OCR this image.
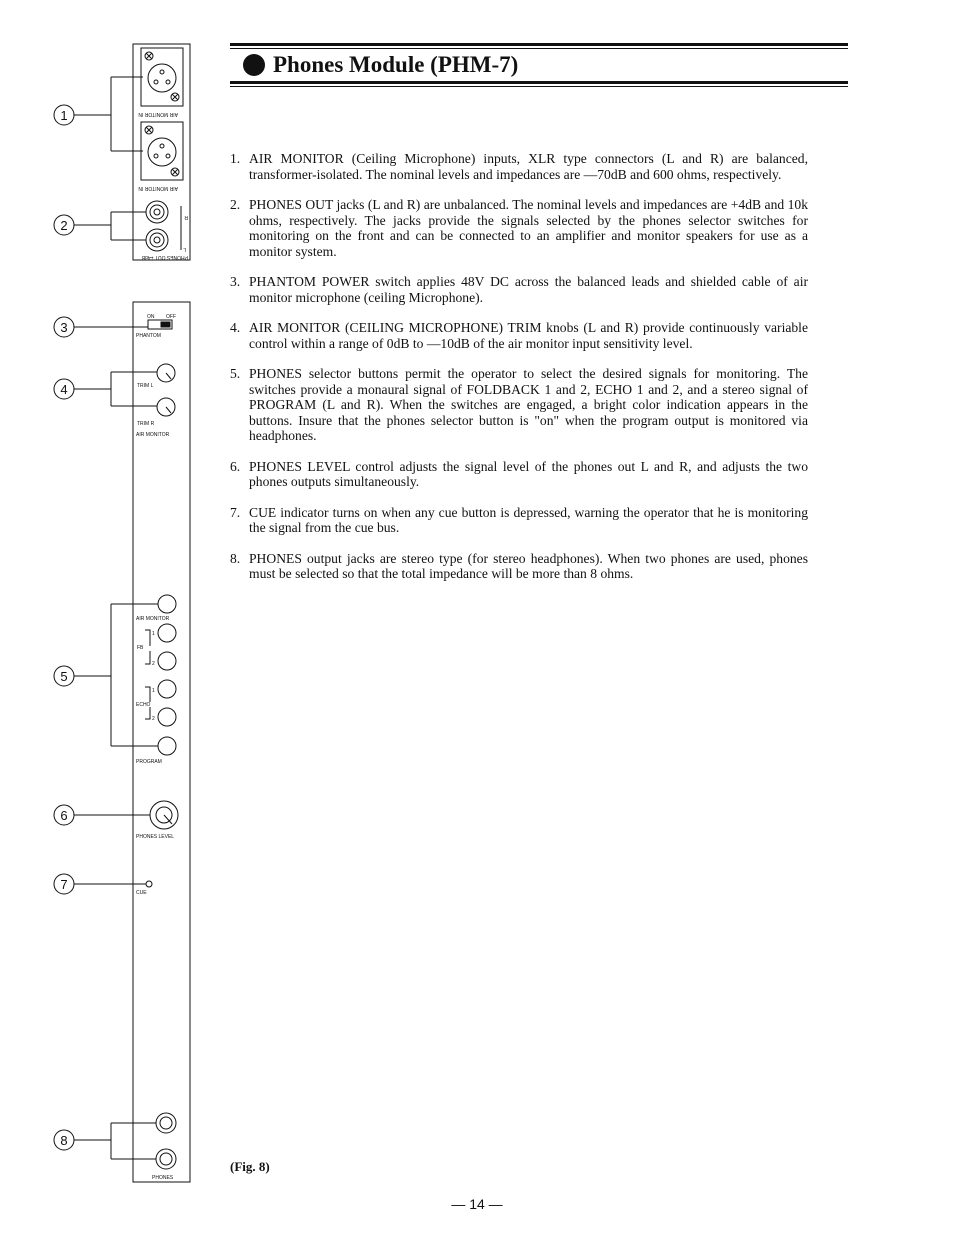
1
2
3
4
5
6
7
8
AIR MONITOR IN
AIR MONITOR IN
R
L
PHONES OUT +4dB
ON OFF
PHANTOM
TRIM L
TRIM R
AIR MONITOR
AIR MONITOR
FB
1
2
ECHO
1
2
PROGRAM
PHONES LEVEL
CUE
PHONES
Phones Module (PHM-7)
1. AIR MONITOR (Ceiling Microphone) inputs, XLR type connectors (L and R) are balanced, transformer-isolated. The nominal levels and impedances are —70dB and 600 ohms, respectively.
2. PHONES OUT jacks (L and R) are unbalanced. The nominal levels and impedances are +4dB and 10k ohms, respectively. The jacks provide the signals selected by the phones selector switches for monitoring on the front and can be connected to an amplifier and monitor speakers for use as a monitor system.
3. PHANTOM POWER switch applies 48V DC across the balanced leads and shielded cable of air monitor microphone (ceiling Microphone).
4. AIR MONITOR (CEILING MICROPHONE) TRIM knobs (L and R) provide continuously variable control within a range of 0dB to —10dB of the air monitor input sensitivity level.
5. PHONES selector buttons permit the operator to select the desired signals for monitoring. The switches provide a monaural signal of FOLDBACK 1 and 2, ECHO 1 and 2, and a stereo signal of PROGRAM (L and R). When the switches are engaged, a bright color indication appears in the buttons. Insure that the phones selector button is "on" when the program output is monitored via headphones.
6. PHONES LEVEL control adjusts the signal level of the phones out L and R, and adjusts the two phones outputs simultaneously.
7. CUE indicator turns on when any cue button is depressed, warning the operator that he is monitoring the signal from the cue bus.
8. PHONES output jacks are stereo type (for stereo headphones). When two phones are used, phones must be selected so that the total impedance will be more than 8 ohms.
(Fig. 8)
— 14 —
